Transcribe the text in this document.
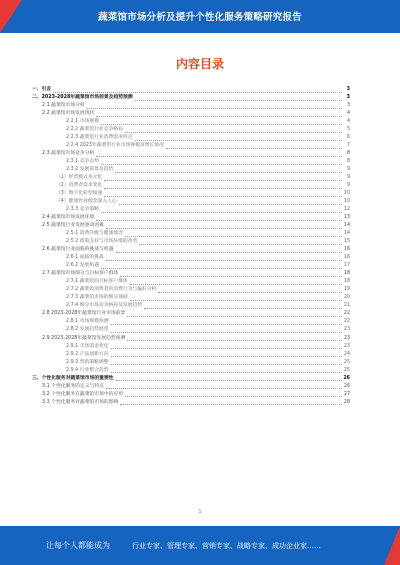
蔬菜馆市场分析及提升个性化服务策略研究报告
内容目录
一、引言	3
二、2023-2028年蔬菜馆市场前景及趋势预测	3
2.1 蔬菜馆市场分析	3
2.2 蔬菜馆市场发展现状	4
2.2.1 市场规模	4
2.2.2 蔬菜馆行业竞争格局	5
2.2.3 蔬菜馆行业消费需求特点	6
2.2.4 2023年蔬菜馆行业市场规模及增长情况	7
2.3 蔬菜馆市场竞争分析	8
2.3.1 竞争态势	8
2.3.2 发展前景及趋势	9
（1）经营模式多元化	9
（2）消费者需求变化	9
（3）数字化转型加速	10
（4）健康饮食理念深入人心	10
2.3.3 竞争策略	12
2.4 蔬菜馆市场发展环境	13
2.5 蔬菜馆行业发展驱动因素	14
2.5.1 消费升级与健康理念	14
2.5.2 政策支持与市场环境的改善	15
2.6 蔬菜馆行业面临的挑战与机遇	16
2.6.1 面临的挑战	16
2.6.2 发展机遇	17
2.7 蔬菜馆市场细分与目标客户群体	18
2.7.1 蔬菜馆的目标客户群体	18
2.7.2 蔬菜馆消费者的消费行为与偏好分析	19
2.7.3 蔬菜馆市场的细分领域	20
2.7.4 细分市场竞争格局及发展趋势	21
2.8 2023-2028年蔬菜馆行业市场前景	22
2.8.1 市场规模预测	22
2.8.2 发展趋势展望	23
2.9 2023-2028年蔬菜馆发展趋势预测	23
2.9.1 市场需求变化	23
2.9.2 产品创新方向	24
2.9.3 营销策略调整	25
2.9.4 行业整合趋势	25
三、个性化服务对蔬菜馆市场的重要性	26
3.1 个性化服务的定义与特点	26
3.2 个性化服务在蔬菜馆市场中的应用	27
3.3 个性化服务对蔬菜馆市场的影响	28
1
让每个人都能成为	行业专家、管理专家、营销专家、战略专家、成功企业家……
